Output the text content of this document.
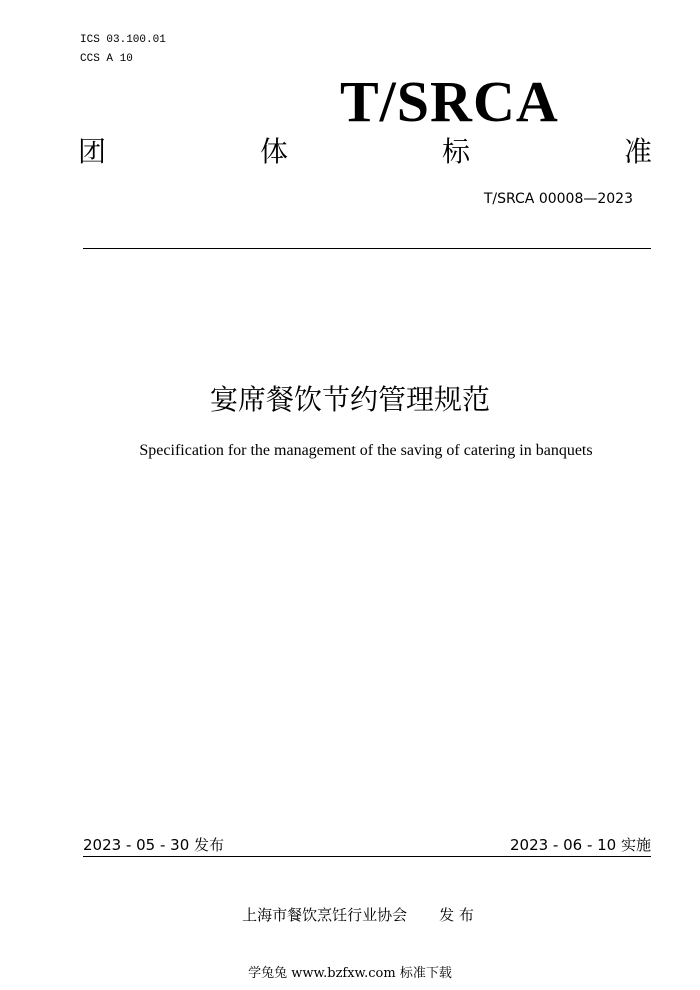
ICS 03.100.01
CCS A 10
T/SRCA
团	体	标	准
T/SRCA 00008—2023
宴席餐饮节约管理规范
Specification for the management of the saving of catering in banquets
2023 - 05 - 30 发布	2023 - 06 - 10 实施
上海市餐饮烹饪行业协会 发 布
学兔兔 www.bzfxw.com 标准下载
